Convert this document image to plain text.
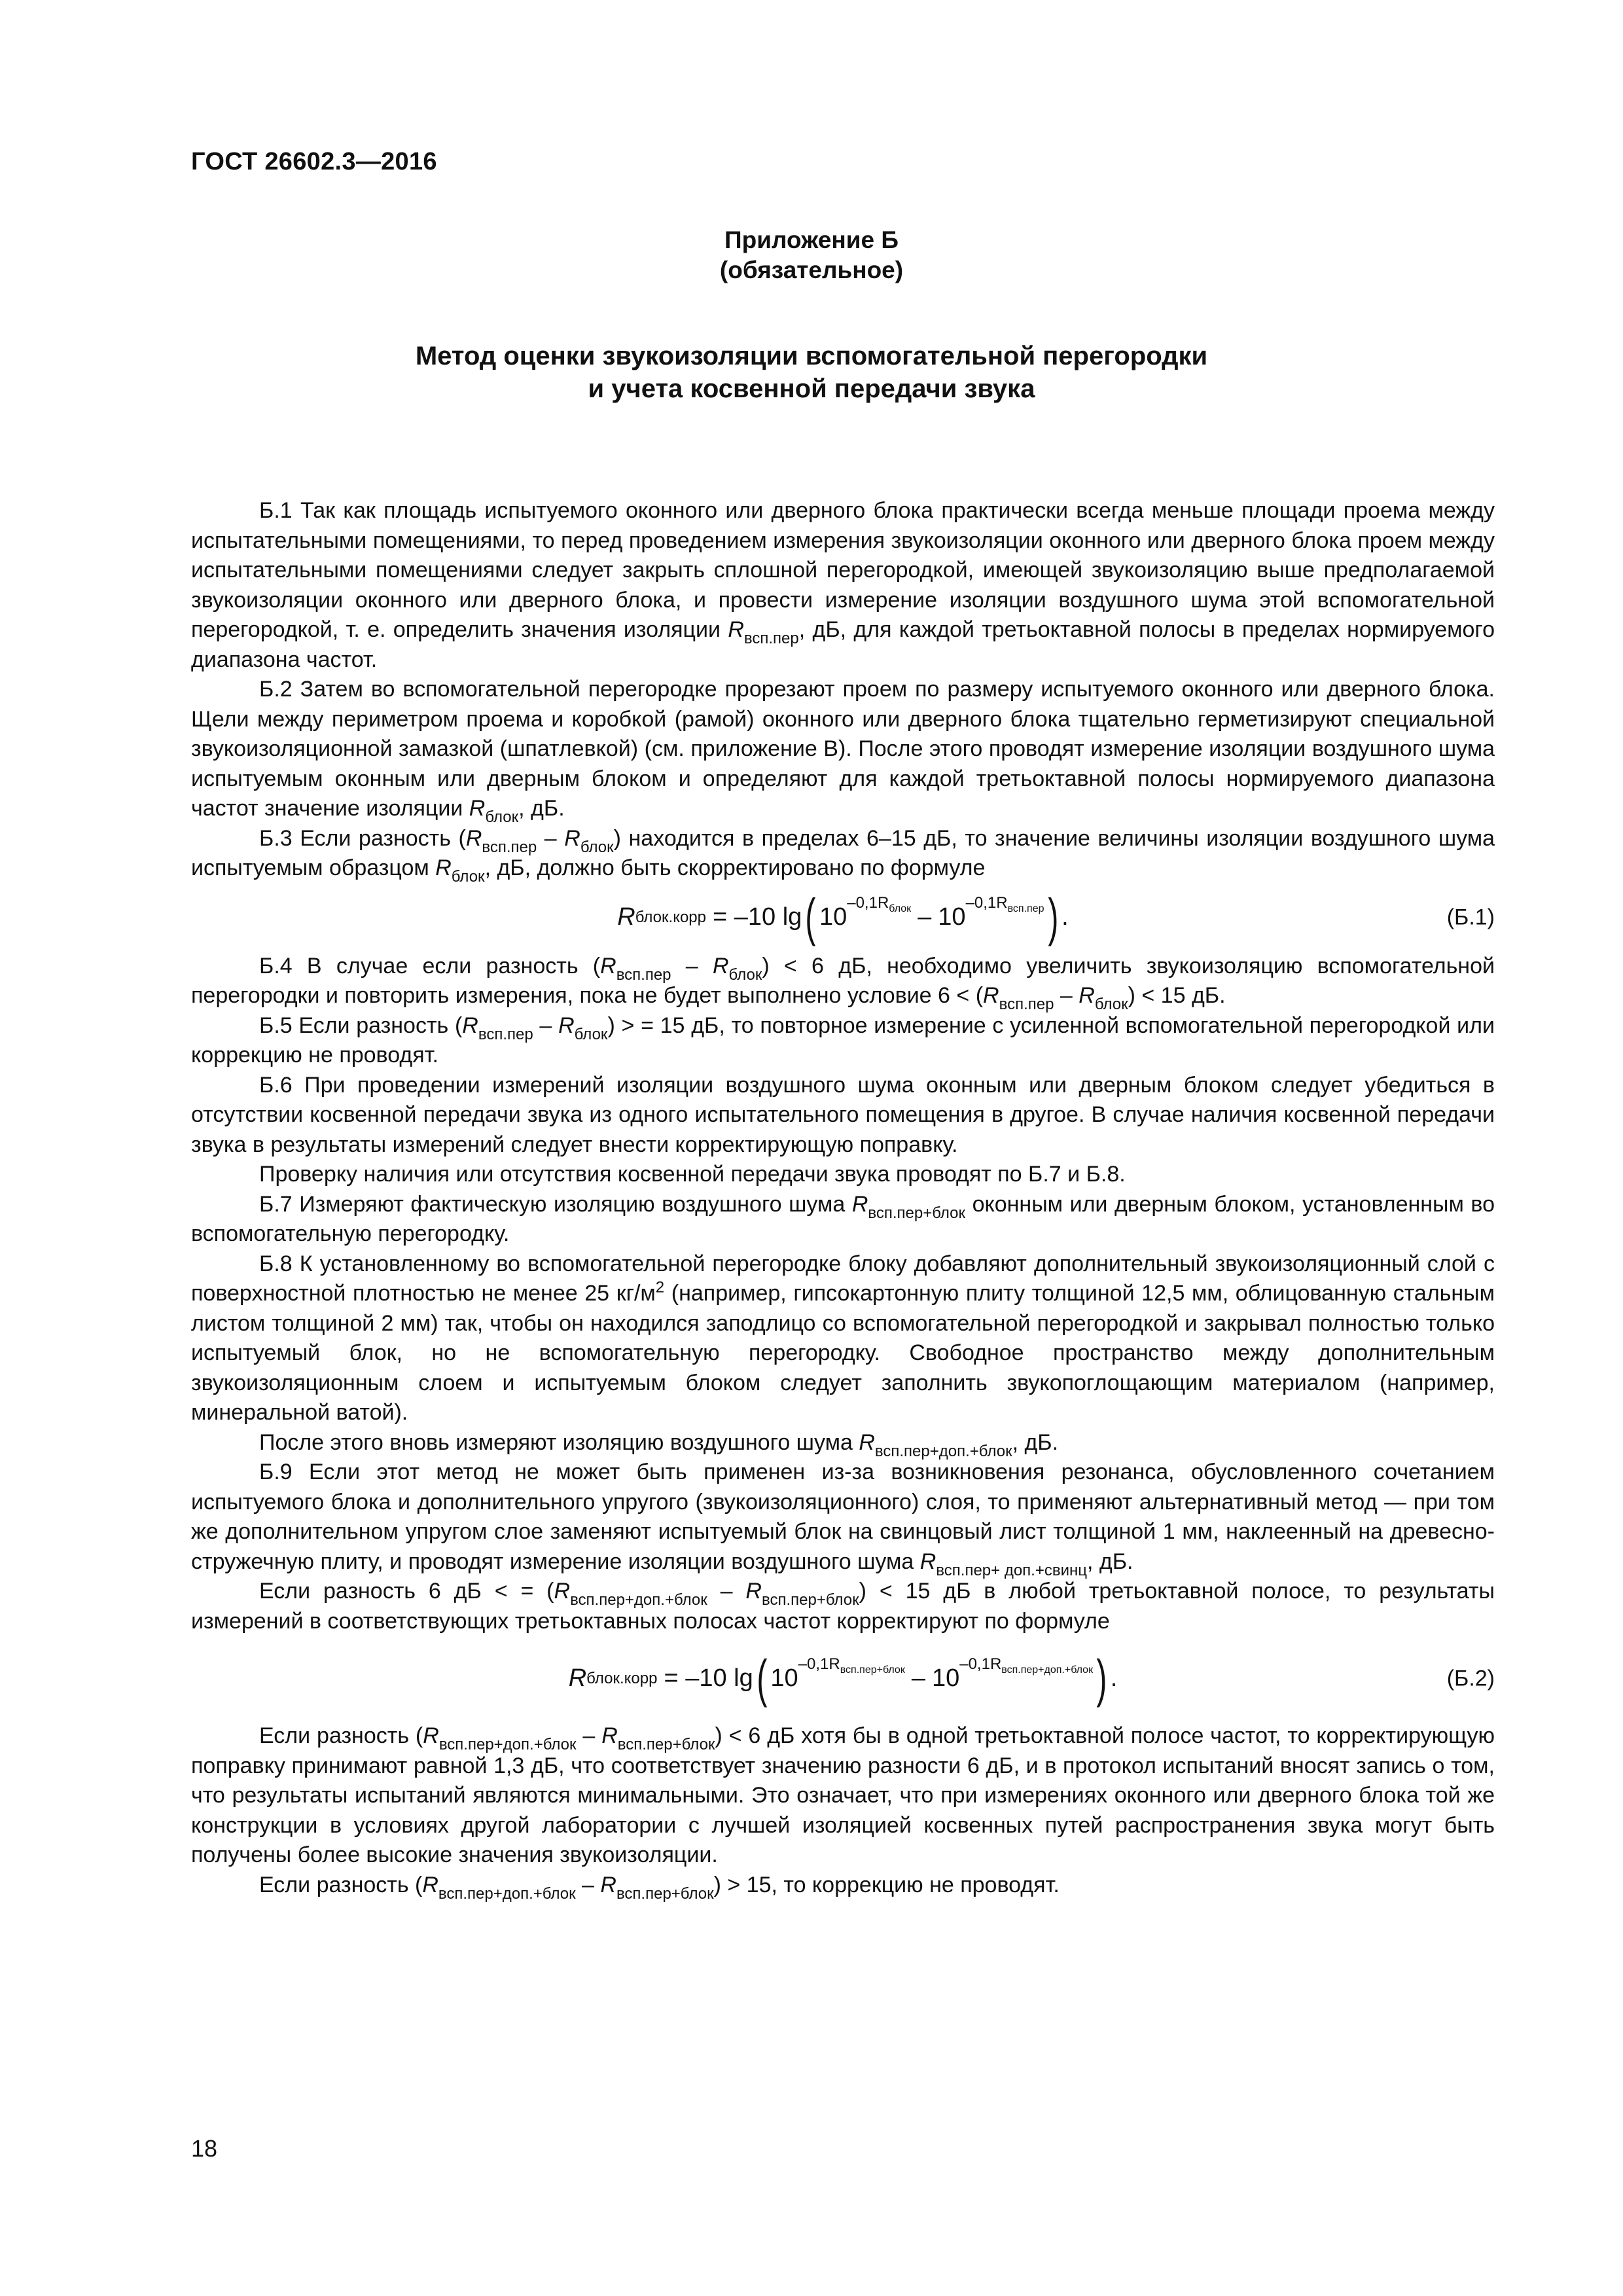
ГОСТ 26602.3—2016
Приложение Б
(обязательное)
Метод оценки звукоизоляции вспомогательной перегородки
и учета косвенной передачи звука

Б.1 Так как площадь испытуемого оконного или дверного блока практически всегда меньше площади проема между испытательными помещениями, то перед проведением измерения звукоизоляции оконного или дверного блока проем между испытательными помещениями следует закрыть сплошной перегородкой, имеющей звукоизоляцию выше предполагаемой звукоизоляции оконного или дверного блока, и провести измерение изоляции воздушного шума этой вспомогательной перегородкой, т. е. определить значения изоляции $R_{всп.пер}$, дБ, для каждой третьоктавной полосы в пределах нормируемого диапазона частот.

Б.2 Затем во вспомогательной перегородке прорезают проем по размеру испытуемого оконного или дверного блока. Щели между периметром проема и коробкой (рамой) оконного или дверного блока тщательно герметизируют специальной звукоизоляционной замазкой (шпатлевкой) (см. приложение В). После этого проводят измерение изоляции воздушного шума испытуемым оконным или дверным блоком и определяют для каждой третьоктавной полосы нормируемого диапазона частот значение изоляции $R_{блок}$, дБ.

Б.3 Если разность $(R_{всп.пер} - R_{блок})$ находится в пределах 6–15 дБ, то значение величины изоляции воздушного шума испытуемым образцом $R_{блок}$, дБ, должно быть скорректировано по формуле

R блок.корр = –10 lg ( 10
$-0,1R_{блок} - 10$
$-0,1R_{всп.пер}$ ) .	(Б.1)

Б.4 В случае если разность $(R_{всп.пер} - R_{блок}) < 6$ дБ, необходимо увеличить звукоизоляцию вспомогательной перегородки и повторить измерения, пока не будет выполнено условие $6 < (R_{всп.пер} - R_{блок}) < 15$ дБ.

Б.5 Если разность $(R_{всп.пер} - R_{блок})$ > = 15 дБ, то повторное измерение с усиленной вспомогательной перегородкой или коррекцию не проводят.

Б.6 При проведении измерений изоляции воздушного шума оконным или дверным блоком следует убедиться в отсутствии косвенной передачи звука из одного испытательного помещения в другое. В случае наличия косвенной передачи звука в результаты измерений следует внести корректирующую поправку.

Проверку наличия или отсутствия косвенной передачи звука проводят по Б.7 и Б.8.

Б.7 Измеряют фактическую изоляцию воздушного шума $R_{всп.пер+блок}$ оконным или дверным блоком, установленным во вспомогательную перегородку.

Б.8 К установленному во вспомогательной перегородке блоку добавляют дополнительный звукоизоляционный слой с поверхностной плотностью не менее 25 $кг/м^2$ (например, гипсокартонную плиту толщиной 12,5 мм, облицованную стальным листом толщиной 2 мм) так, чтобы он находился заподлицо со вспомогательной перегородкой и закрывал полностью только испытуемый блок, но не вспомогательную перегородку. Свободное пространство между дополнительным звукоизоляционным слоем и испытуемым блоком следует заполнить звукопоглощающим материалом (например, минеральной ватой).

После этого вновь измеряют изоляцию воздушного шума $R_{всп.пер+доп.+блок}$, дБ.

Б.9 Если этот метод не может быть применен из-за возникновения резонанса, обусловленного сочетанием испытуемого блока и дополнительного упругого (звукоизоляционного) слоя, то применяют альтернативный метод — при том же дополнительном упругом слое заменяют испытуемый блок на свинцовый лист толщиной 1 мм, наклеенный на древесно-стружечную плиту, и проводят измерение изоляции воздушного шума $R_{всп.пер+ доп.+свинц}$, дБ.

Если разность 6 дБ < = $(R_{всп.пер+доп.+блок} - R_{всп.пер+блок}) < 15$ дБ в любой третьоктавной полосе, то результаты измерений в соответствующих третьоктавных полосах частот корректируют по формуле

R блок.корр = –10 lg ( 10
$-0,1R_{всп.пер+блок} - 10$
$-0,1R_{всп.пер+доп.+блок}$ ) .	(Б.2)

Если разность $(R_{всп.пер+доп.+блок} - R_{всп.пер+блок}) < 6$ дБ хотя бы в одной третьоктавной полосе частот, то корректирующую поправку принимают равной 1,3 дБ, что соответствует значению разности 6 дБ, и в протокол испытаний вносят запись о том, что результаты испытаний являются минимальными. Это означает, что при измерениях оконного или дверного блока той же конструкции в условиях другой лаборатории с лучшей изоляцией косвенных путей распространения звука могут быть получены более высокие значения звукоизоляции.

Если разность $(R_{всп.пер+доп.+блок} - R_{всп.пер+блок}) > 15$, то коррекцию не проводят.

18
